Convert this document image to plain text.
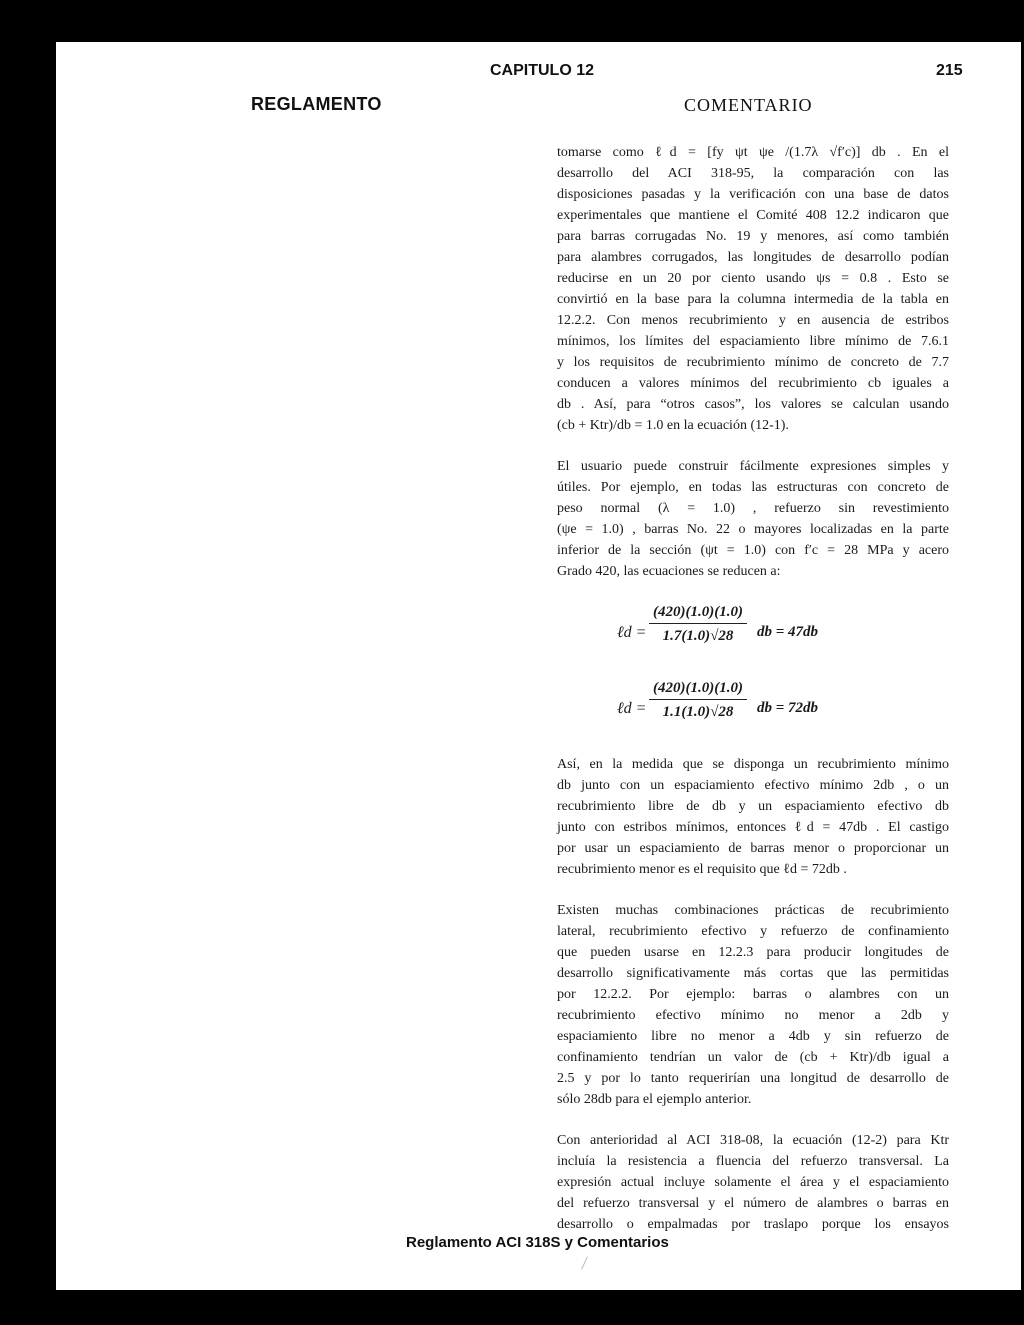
CAPITULO 12	215
REGLAMENTO	COMENTARIO
tomarse como ℓd = [fy ψt ψe /(1.7λ √f′c)] db . En el
desarrollo del ACI 318-95, la comparación con las
disposiciones pasadas y la verificación con una base de datos
experimentales que mantiene el Comité 408 12.2 indicaron que
para barras corrugadas No. 19 y menores, así como también
para alambres corrugados, las longitudes de desarrollo podían
reducirse en un 20 por ciento usando ψs = 0.8 . Esto se
convirtió en la base para la columna intermedia de la tabla en
12.2.2. Con menos recubrimiento y en ausencia de estribos
mínimos, los límites del espaciamiento libre mínimo de 7.6.1
y los requisitos de recubrimiento mínimo de concreto de 7.7
conducen a valores mínimos del recubrimiento cb iguales a
db . Así, para “otros casos”, los valores se calculan usando
(cb + Ktr)/db = 1.0 en la ecuación (12-1).
El usuario puede construir fácilmente expresiones simples y
útiles. Por ejemplo, en todas las estructuras con concreto de
peso normal (λ = 1.0) , refuerzo sin revestimiento
(ψe = 1.0) , barras No. 22 o mayores localizadas en la parte
inferior de la sección (ψt = 1.0) con f′c = 28 MPa y acero
Grado 420, las ecuaciones se reducen a:
ℓd = $\frac{(420)(1.0)(1.0)}{1.7(1.0)√28}$ db = 47db
ℓd = $\frac{(420)(1.0)(1.0)}{1.1(1.0)√28}$ db = 72db
Así, en la medida que se disponga un recubrimiento mínimo
db junto con un espaciamiento efectivo mínimo 2db , o un
recubrimiento libre de db y un espaciamiento efectivo db
junto con estribos mínimos, entonces ℓd = 47db . El castigo
por usar un espaciamiento de barras menor o proporcionar un
recubrimiento menor es el requisito que ℓd = 72db .
Existen muchas combinaciones prácticas de recubrimiento
lateral, recubrimiento efectivo y refuerzo de confinamiento
que pueden usarse en 12.2.3 para producir longitudes de
desarrollo significativamente más cortas que las permitidas
por 12.2.2. Por ejemplo: barras o alambres con un
recubrimiento efectivo mínimo no menor a 2db y
espaciamiento libre no menor a 4db y sin refuerzo de
confinamiento tendrían un valor de (cb + Ktr)/db igual a
2.5 y por lo tanto requerirían una longitud de desarrollo de
sólo 28db para el ejemplo anterior.
Con anterioridad al ACI 318-08, la ecuación (12-2) para Ktr
incluía la resistencia a fluencia del refuerzo transversal. La
expresión actual incluye solamente el área y el espaciamiento
del refuerzo transversal y el número de alambres o barras en
desarrollo o empalmadas por traslapo porque los ensayos
Reglamento ACI 318S y Comentarios
